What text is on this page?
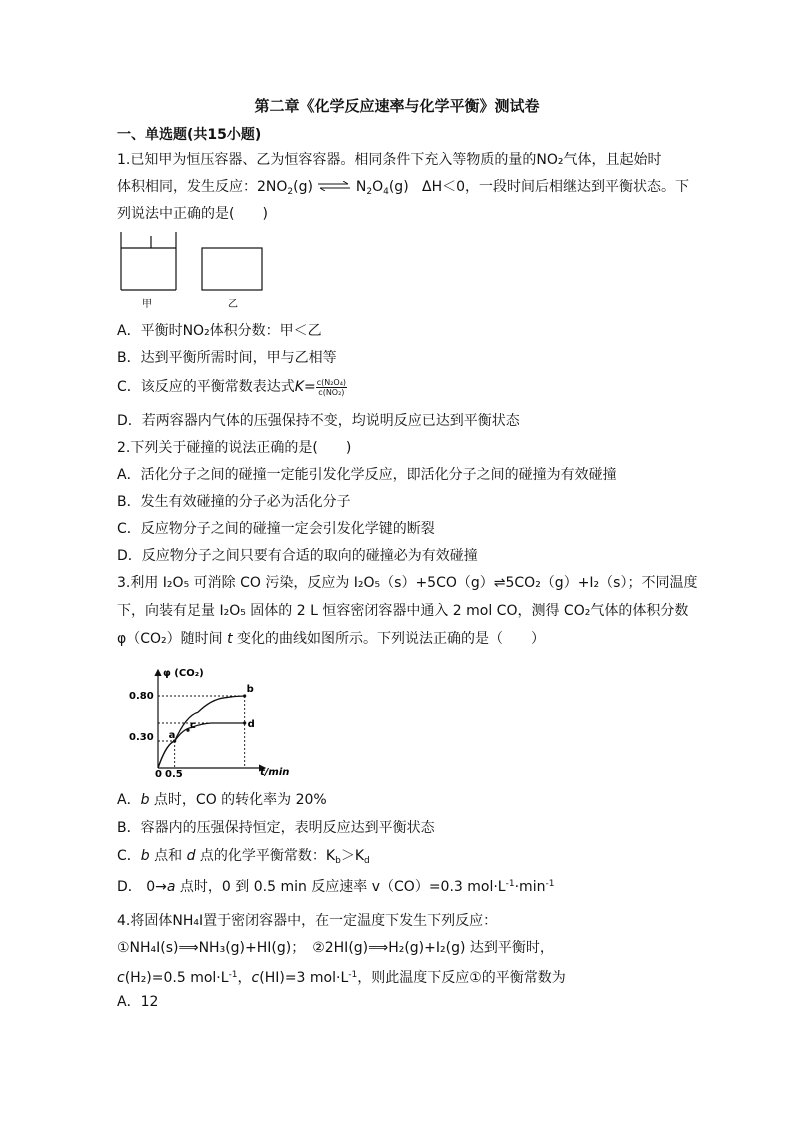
第二章《化学反应速率与化学平衡》测试卷
一、单选题(共15小题)
1.已知甲为恒压容器、乙为恒容容器。相同条件下充入等物质的量的NO₂气体，且起始时
体积相同，发生反应：$2NO_2(g)$ ⇌ $N_2O_4(g)$ ΔH＜0，一段时间后相继达到平衡状态。下
列说法中正确的是(　　)
甲	乙
A．平衡时NO₂体积分数：甲＜乙
B．达到平衡所需时间，甲与乙相等
C．该反应的平衡常数表达式$K= \frac{\text{c(N₂O₄)}}{\text{c(NO₂)}}$
D．若两容器内气体的压强保持不变，均说明反应已达到平衡状态
2.下列关于碰撞的说法正确的是(　　)
A．活化分子之间的碰撞一定能引发化学反应，即活化分子之间的碰撞为有效碰撞
B．发生有效碰撞的分子必为活化分子
C．反应物分子之间的碰撞一定会引发化学键的断裂
D．反应物分子之间只要有合适的取向的碰撞必为有效碰撞
3.利用 I₂O₅ 可消除 CO 污染，反应为 I₂O₅（s）+5CO（g）⇌5CO₂（g）+I₂（s）；不同温度
下，向装有足量 I₂O₅ 固体的 2 L 恒容密闭容器中通入 2 mol CO，测得 CO₂气体的体积分数
φ（CO₂）随时间 t 变化的曲线如图所示。下列说法正确的是（　　）
φ (CO₂)
t/min
0.80
0.30
0 0.5
a
c
b
d
A．b 点时，CO 的转化率为 20%
B．容器内的压强保持恒定，表明反应达到平衡状态
C．b 点和 d 点的化学平衡常数：$K_b>K_d$
D． 0→a 点时，0 到 0.5 min 反应速率 v（CO）=0.3 $mol\cdot L^{-1}\cdot\min^{-1}$
4.将固体NH₄I置于密闭容器中，在一定温度下发生下列反应：
①NH₄I(s)⟹NH₃(g)+HI(g)；　②2HI(g)⟹H₂(g)+I₂(g) 达到平衡时，
c(H₂)=0.5 $mol\cdot L^{-1}$，c(HI)=3 $mol\cdot L^{-1}$，则此温度下反应①的平衡常数为
A．12
